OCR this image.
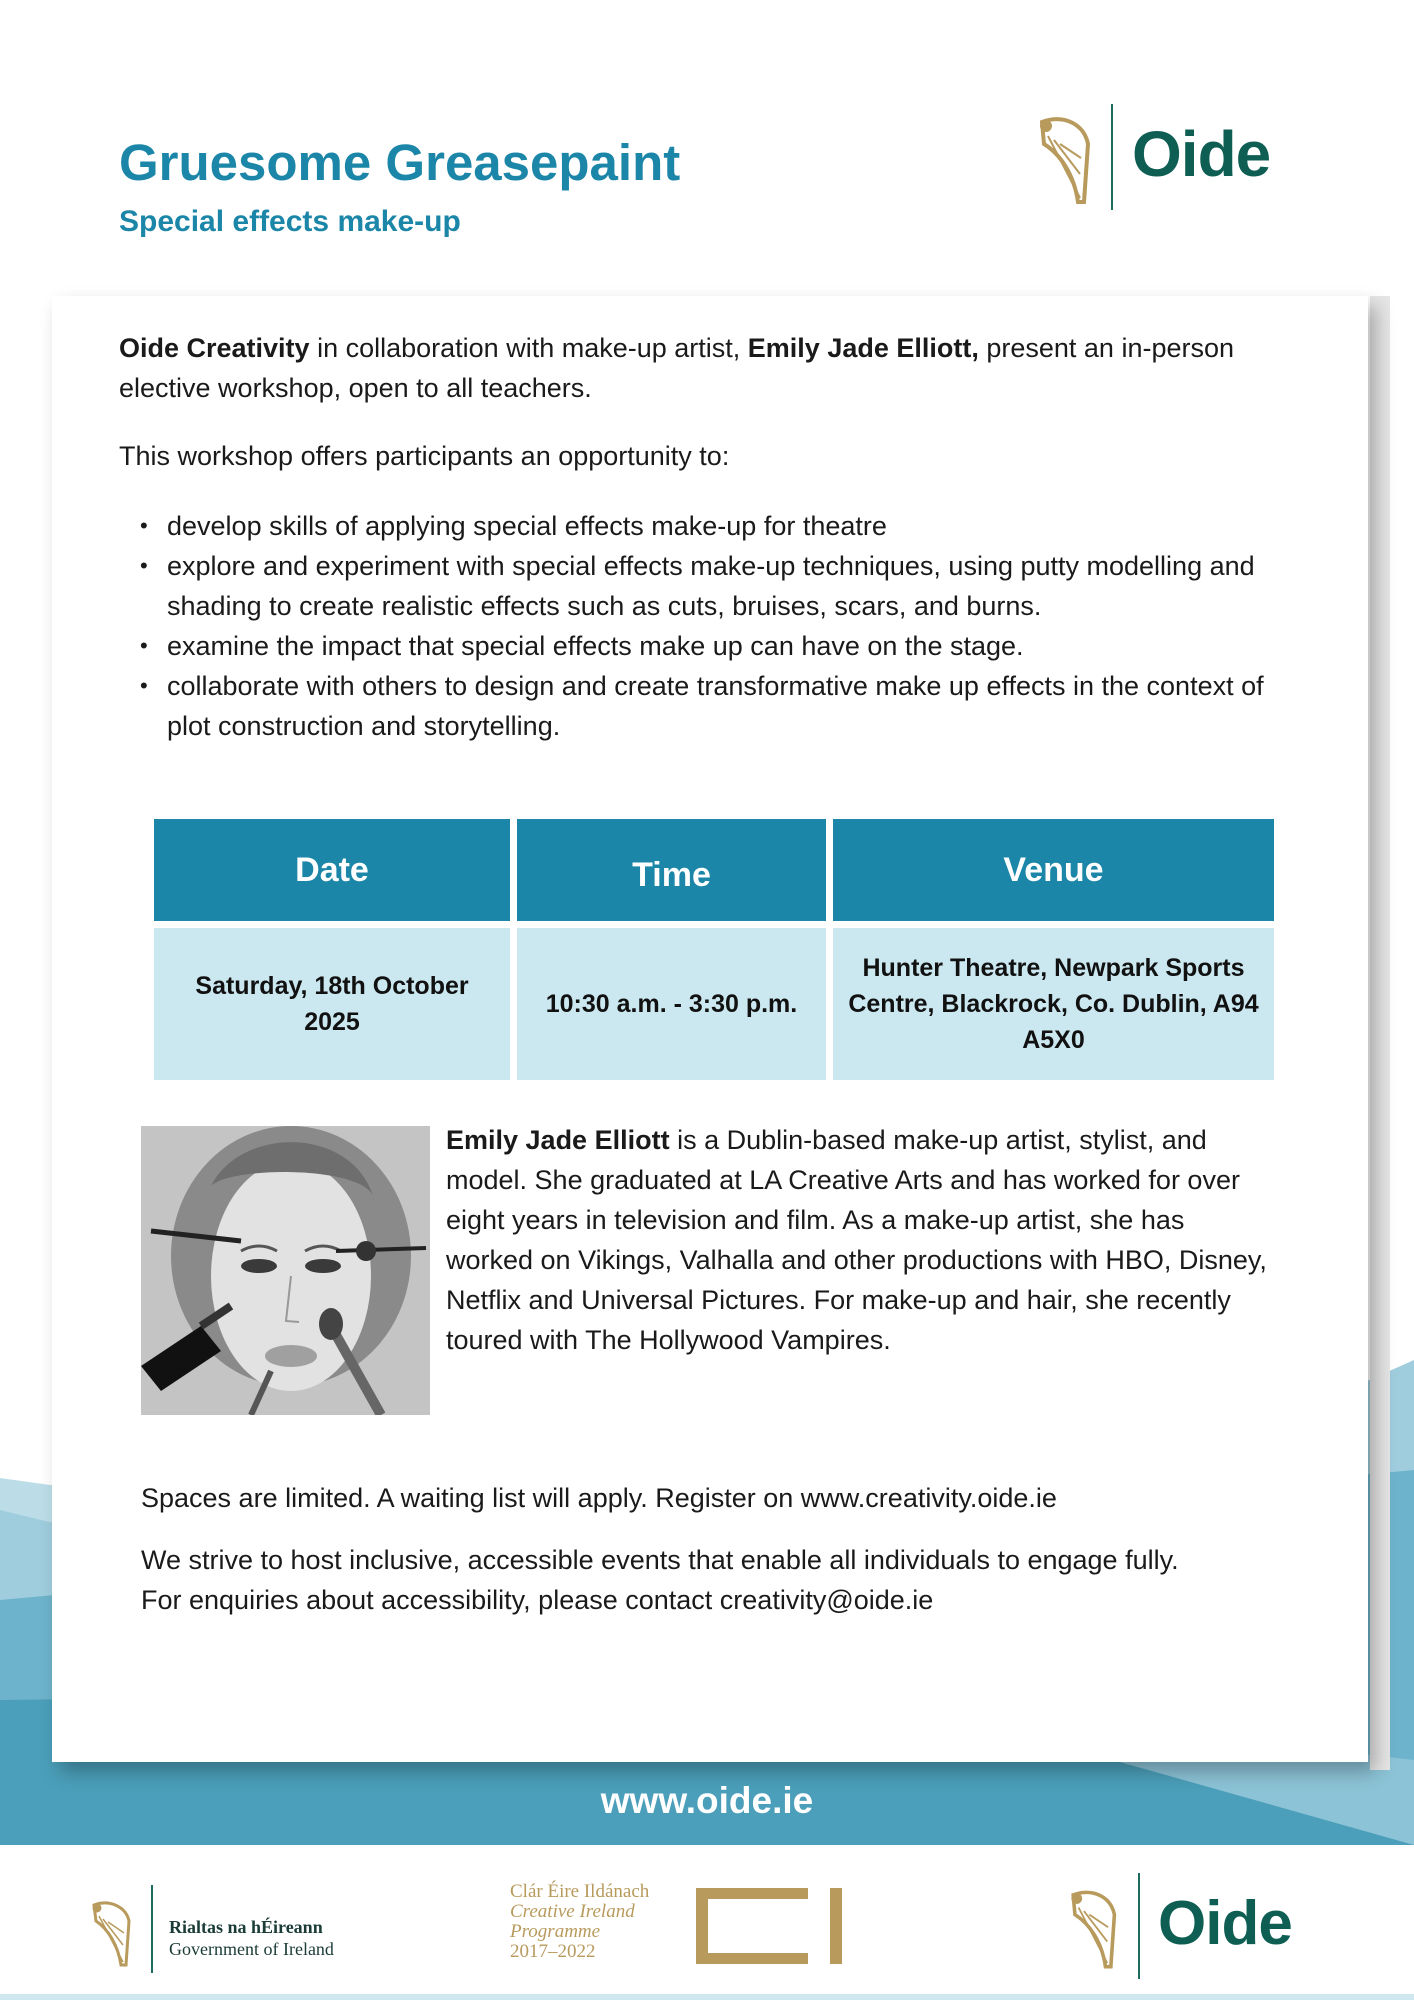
Gruesome Greasepaint
Special effects make-up
Oide

Oide Creativity in collaboration with make-up artist, Emily Jade Elliott, present an in-person elective workshop, open to all teachers.

This workshop offers participants an opportunity to:

• develop skills of applying special effects make-up for theatre
• explore and experiment with special effects make-up techniques, using putty modelling and shading to create realistic effects such as cuts, bruises, scars, and burns.
• examine the impact that special effects make up can have on the stage.
• collaborate with others to design and create transformative make up effects in the context of plot construction and storytelling.
Date	Time	Venue
Saturday, 18th October 2025	10:30 a.m. - 3:30 p.m.	Hunter Theatre, Newpark Sports Centre, Blackrock, Co. Dublin, A94 A5X0

Emily Jade Elliott is a Dublin-based make-up artist, stylist, and model. She graduated at LA Creative Arts and has worked for over eight years in television and film. As a make-up artist, she has worked on Vikings, Valhalla and other productions with HBO, Disney, Netflix and Universal Pictures. For make-up and hair, she recently toured with The Hollywood Vampires.

Spaces are limited. A waiting list will apply. Register on www.creativity.oide.ie

We strive to host inclusive, accessible events that enable all individuals to engage fully.
For enquiries about accessibility, please contact creativity@oide.ie
www.oide.ie
Rialtas na hÉireann
Government of Ireland
Clár Éire Ildánach
Creative Ireland
Programme
2017–2022	Oide
